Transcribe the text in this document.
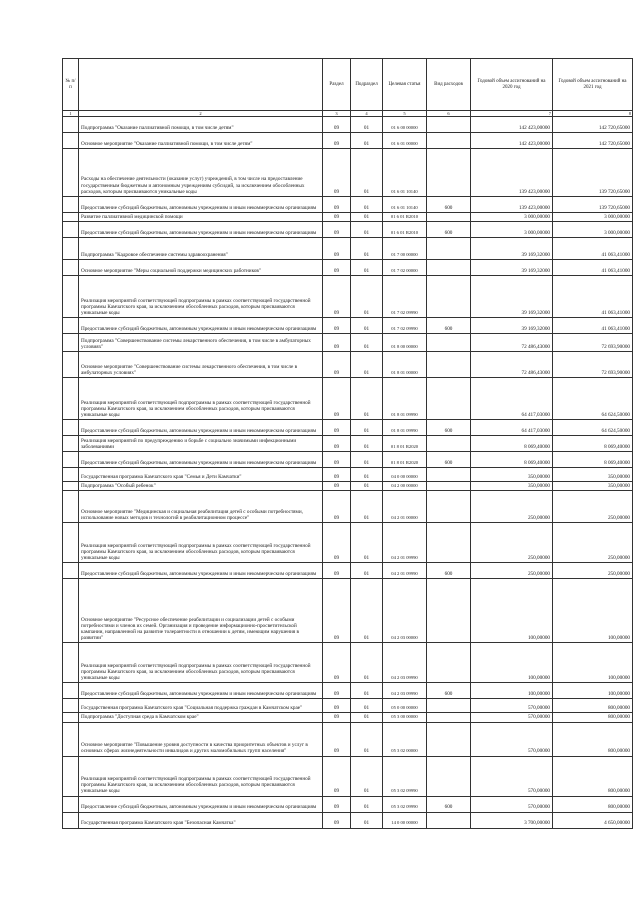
№ п/п		Раздел	Подраздел	Целевая статья	Вид расходов	Годовой объем ассигнований на 2020 год	Годовой объем ассигнований на 2021 год
1	2	3	4	5	6	7	8
	Подпрограмма "Оказание паллиативной помощи, в том числе детям"	09	01	01 6 00 00000		142 423,00000	142 720,65000
	Основное мероприятие "Оказание паллиативной помощи, в том числе детям"	09	01	01 6 01 00000		142 423,00000	142 720,65000
	Расходы на обеспечение деятельности (оказание услуг) учреждений, в том числе на предоставление государственным бюджетным и автономным учреждениям субсидий, за исключением обособленных расходов, которым присваиваются уникальные коды	09	01	01 6 01 10140		139 423,00000	139 720,65000
	Предоставление субсидий бюджетным, автономным учреждениям и иным некоммерческим организациям	09	01	01 6 01 10140	600	139 423,00000	139 720,65000
	Развитие паллиативной медицинской помощи	09	01	01 6 01 R2010		3 000,00000	3 000,00000
	Предоставление субсидий бюджетным, автономным учреждениям и иным некоммерческим организациям	09	01	01 6 01 R2010	600	3 000,00000	3 000,00000
	Подпрограмма "Кадровое обеспечение системы здравоохранения"	09	01	01 7 00 00000		39 169,32000	41 063,41000
	Основное мероприятие "Меры социальной поддержки медицинских работников"	09	01	01 7 02 00000		39 169,32000	41 063,41000
	Реализация мероприятий соответствующей подпрограммы в рамках соответствующей государственной программы Камчатского края, за исключением обособленных расходов, которым присваиваются уникальные коды	09	01	01 7 02 09990		39 169,32000	41 063,41000
	Предоставление субсидий бюджетным, автономным учреждениям и иным некоммерческим организациям	09	01	01 7 02 09990	600	39 169,32000	41 063,41000
	Подпрограмма "Совершенствование системы лекарственного обеспечения, в том числе в амбулаторных условиях"	09	01	01 8 00 00000		72 486,43000	72 693,90000
	Основное мероприятие "Совершенствование системы лекарственного обеспечения, в том числе в амбулаторных условиях"	09	01	01 8 01 00000		72 486,43000	72 693,90000
	Реализация мероприятий соответствующей подпрограммы в рамках соответствующей государственной программы Камчатского края, за исключением обособленных расходов, которым присваиваются уникальные коды	09	01	01 8 01 09990		64 417,03000	64 624,50000
	Предоставление субсидий бюджетным, автономным учреждениям и иным некоммерческим организациям	09	01	01 8 01 09990	600	64 417,03000	64 624,50000
	Реализация мероприятий по предупреждению и борьбе с социально значимыми инфекционными заболеваниями	09	01	01 8 01 R2020		8 069,40000	8 069,40000
	Предоставление субсидий бюджетным, автономным учреждениям и иным некоммерческим организациям	09	01	01 8 01 R2020	600	8 069,40000	8 069,40000
	Государственная программа Камчатского края "Семья и Дети Камчатки"	09	01	04 0 00 00000		350,00000	350,00000
	Подпрограмма "Особый ребенок"	09	01	04 2 00 00000		350,00000	350,00000
	Основное мероприятие "Медицинская и социальная реабилитация детей с особыми потребностями, использование новых методов и технологий в реабилитационном процессе"	09	01	04 2 01 00000		250,00000	250,00000
	Реализация мероприятий соответствующей подпрограммы в рамках соответствующей государственной программы Камчатского края, за исключением обособленных расходов, которым присваиваются уникальные коды	09	01	04 2 01 09990		250,00000	250,00000
	Предоставление субсидий бюджетным, автономным учреждениям и иным некоммерческим организациям	09	01	04 2 01 09990	600	250,00000	250,00000
	Основное мероприятие "Ресурсное обеспечение реабилитации и социализации детей с особыми потребностями и членов их семей. Организация и проведение информационно-просветительской кампании, направленной на развитие толерантности в отношении к детям, имеющим нарушения в развитии"	09	01	04 2 03 00000		100,00000	100,00000
	Реализация мероприятий соответствующей подпрограммы в рамках соответствующей государственной программы Камчатского края, за исключением обособленных расходов, которым присваиваются уникальные коды	09	01	04 2 03 09990		100,00000	100,00000
	Предоставление субсидий бюджетным, автономным учреждениям и иным некоммерческим организациям	09	01	04 2 03 09990	600	100,00000	100,00000
	Государственная программа Камчатского края "Социальная поддержка граждан в Камчатском крае"	09	01	05 0 00 00000		570,00000	800,00000
	Подпрограмма "Доступная среда в Камчатском крае"	09	01	05 3 00 00000		570,00000	800,00000
	Основное мероприятие "Повышение уровня доступности в качества приоритетных объектов и услуг в основных сферах жизнедеятельности инвалидов и других маломобильных групп населения"	09	01	05 3 02 00000		570,00000	800,00000
	Реализация мероприятий соответствующей подпрограммы в рамках соответствующей государственной программы Камчатского края, за исключением обособленных расходов, которым присваиваются уникальные коды	09	01	05 3 02 09990		570,00000	800,00000
	Предоставление субсидий бюджетным, автономным учреждениям и иным некоммерческим организациям	09	01	05 3 02 09990	600	570,00000	800,00000
	Государственная программа Камчатского края "Безопасная Камчатка"	09	01	14 0 00 00000		3 700,00000	4 650,00000
